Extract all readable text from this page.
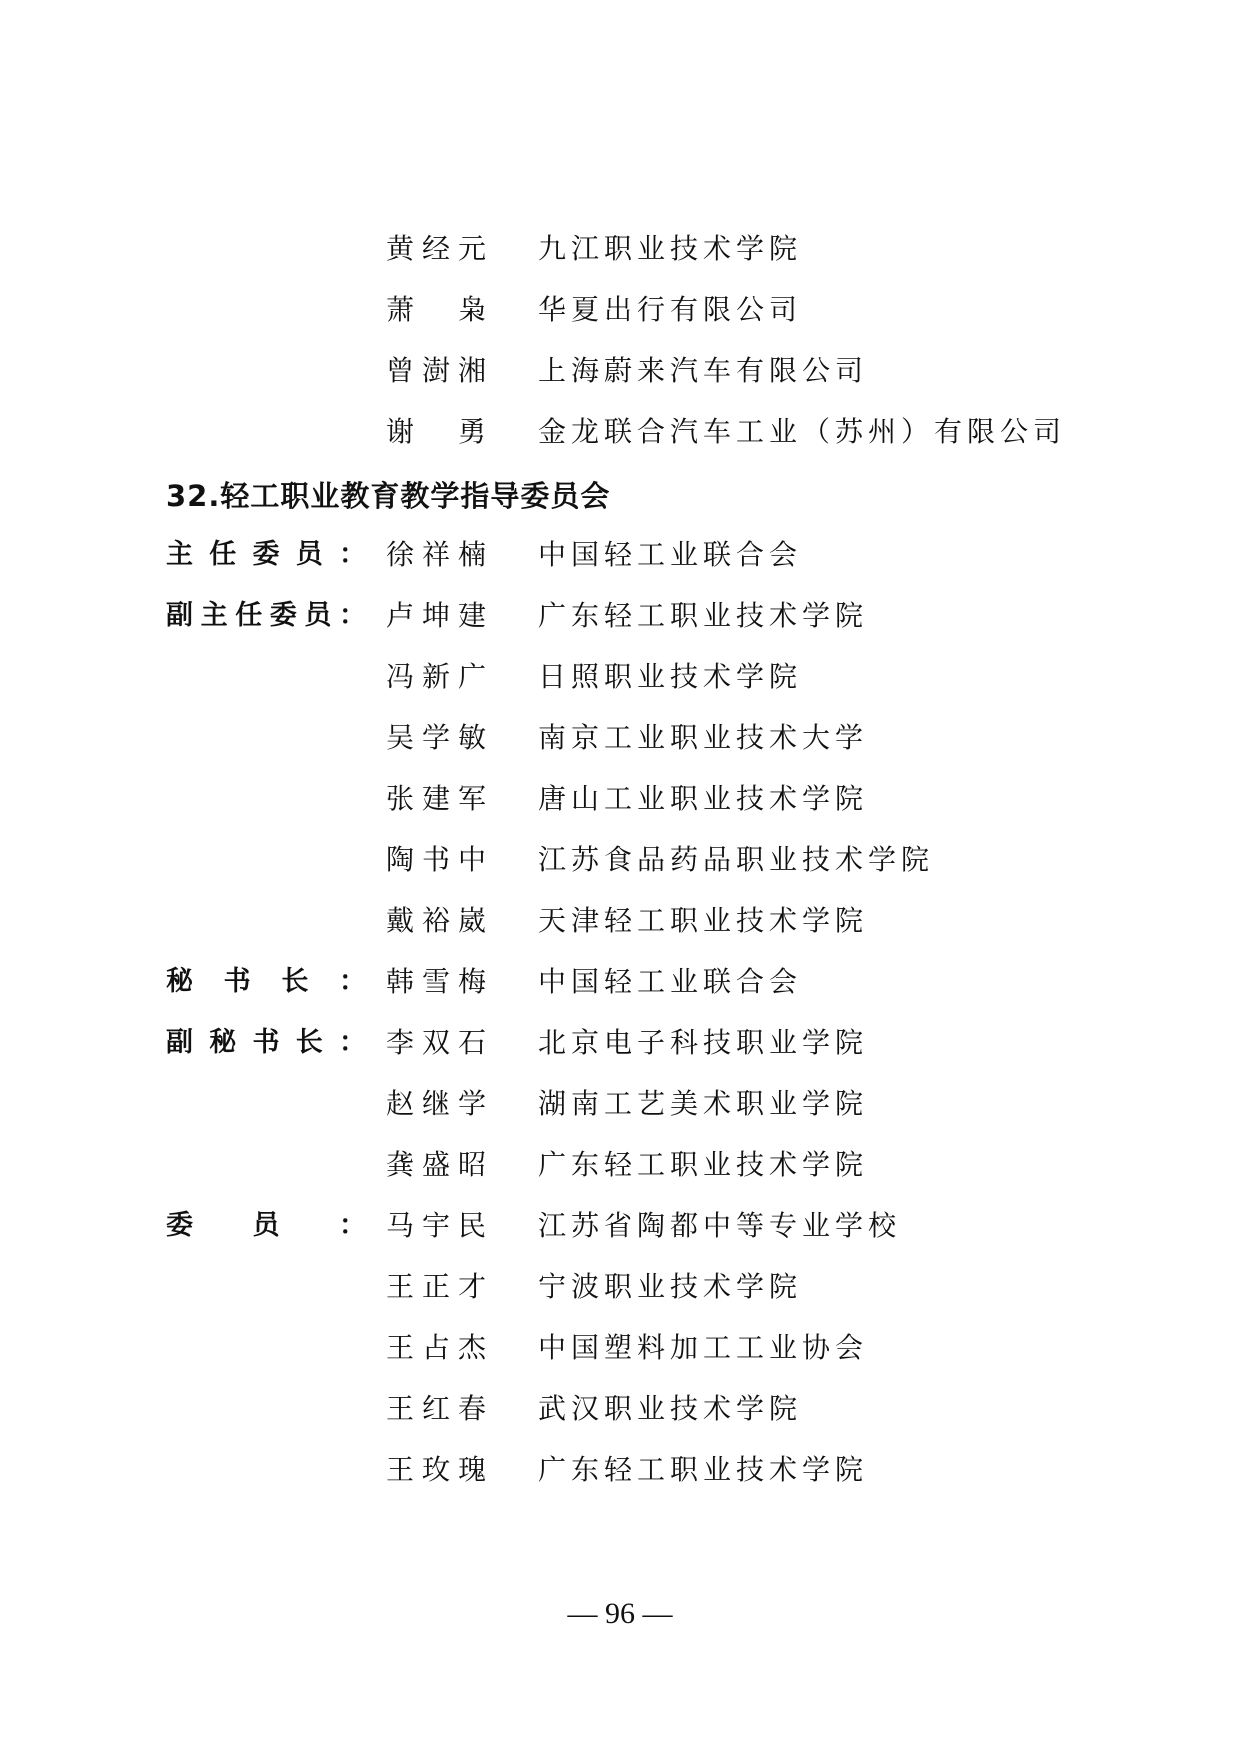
黄 经 元 九江职业技术学院
萧 枭 华夏出行有限公司
曾 澍 湘 上海蔚来汽车有限公司
谢 勇 金龙联合汽车工业（苏州）有限公司
32.轻工职业教育教学指导委员会
主 任 委 员 ： 徐 祥 楠 中国轻工业联合会
副 主 任 委 员 ： 卢 坤 建 广东轻工职业技术学院
冯 新 广 日照职业技术学院
吴 学 敏 南京工业职业技术大学
张 建 军 唐山工业职业技术学院
陶 书 中 江苏食品药品职业技术学院
戴 裕 崴 天津轻工职业技术学院
秘 书 长 ： 韩 雪 梅 中国轻工业联合会
副 秘 书 长 ： 李 双 石 北京电子科技职业学院
赵 继 学 湖南工艺美术职业学院
龚 盛 昭 广东轻工职业技术学院
委 员 ： 马 宇 民 江苏省陶都中等专业学校
王 正 才 宁波职业技术学院
王 占 杰 中国塑料加工工业协会
王 红 春 武汉职业技术学院
王 玫 瑰 广东轻工职业技术学院
— 96 —
